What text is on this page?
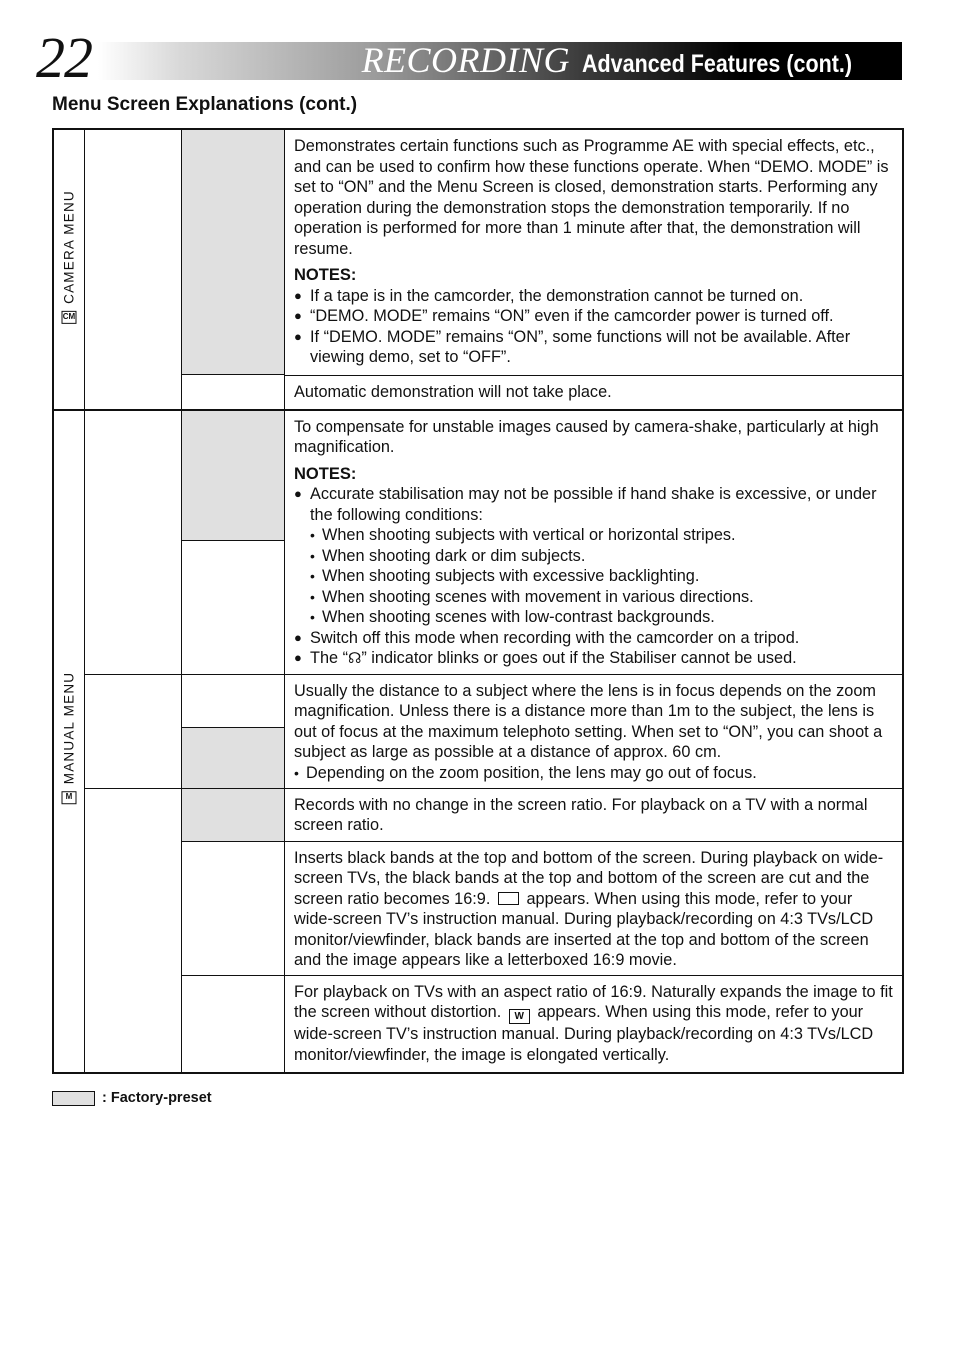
22	RECORDING Advanced Features (cont.)
Menu Screen Explanations (cont.)
CM
CAMERA MENU

Demonstrates certain functions such as Programme AE with special effects, etc., and can be used to confirm how these functions operate. When “DEMO. MODE” is set to “ON” and the Menu Screen is closed, demonstration starts. Performing any operation during the demonstration stops the demonstration temporarily. If no operation is performed for more than 1 minute after that, the demonstration will resume.

NOTES:
● If a tape is in the camcorder, the demonstration cannot be turned on.
● “DEMO. MODE” remains “ON” even if the camcorder power is turned off.
● If “DEMO. MODE” remains “ON”, some functions will not be available. After viewing demo, set to “OFF”.
Automatic demonstration will not take place.
M
MANUAL MENU

To compensate for unstable images caused by camera-shake, particularly at high magnification.

NOTES:
● Accurate stabilisation may not be possible if hand shake is excessive, or under the following conditions:
• When shooting subjects with vertical or horizontal stripes.
• When shooting dark or dim subjects.
• When shooting subjects with excessive backlighting.
• When shooting scenes with movement in various directions.
• When shooting scenes with low-contrast backgrounds.
● Switch off this mode when recording with the camcorder on a tripod.
● The “☊” indicator blinks or goes out if the Stabiliser cannot be used.

Usually the distance to a subject where the lens is in focus depends on the zoom magnification. Unless there is a distance more than 1m to the subject, the lens is out of focus at the maximum telephoto setting. When set to “ON”, you can shoot a subject as large as possible at a distance of approx. 60 cm.

• Depending on the zoom position, the lens may go out of focus.
Records with no change in the screen ratio. For playback on a TV with a normal screen ratio.
Inserts black bands at the top and bottom of the screen. During playback on wide-screen TVs, the black bands at the top and bottom of the screen are cut and the screen ratio becomes 16:9. appears. When using this mode, refer to your wide-screen TV’s instruction manual. During playback/recording on 4:3 TVs/LCD monitor/viewfinder, black bands are inserted at the top and bottom of the screen and the image appears like a letterboxed 16:9 movie.
For playback on TVs with an aspect ratio of 16:9. Naturally expands the image to fit the screen without distortion. W appears. When using this mode, refer to your wide-screen TV’s instruction manual. During playback/recording on 4:3 TVs/LCD monitor/viewfinder, the image is elongated vertically.
: Factory-preset
